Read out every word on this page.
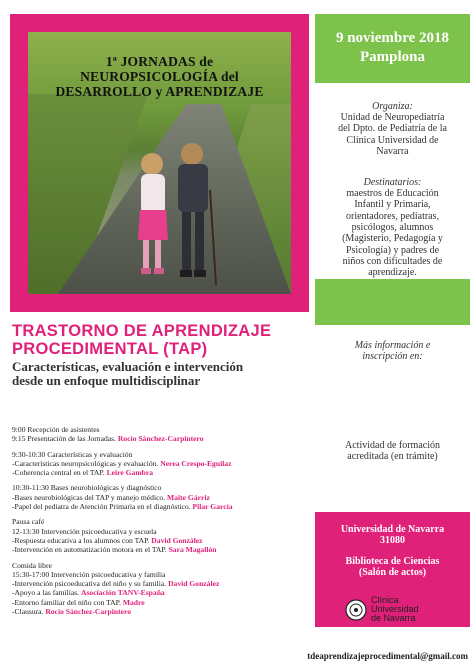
1ª JORNADAS de
NEUROPSICOLOGÍA del
DESARROLLO y APRENDIZAJE
9 noviembre 2018
Pamplona
Organiza:
Unidad de Neuropediatría
del Dpto. de Pediatría de la
Clínica Universidad de
Navarra
Destinatarios:
maestros de Educación
Infantil y Primaria,
orientadores, pediatras,
psicólogos, alumnos
(Magisterio, Pedagogía y
Psicología) y padres de
niños con dificultades de
aprendizaje.
Más información e
inscripción en:
www.
aprendizajeprocedimental.com
40 euros (profesionales)
20 euros (estudiantes)
Actividad de formación
acreditada (en trámite)
Universidad de Navarra
31080
Biblioteca de Ciencias
(Salón de actos)
Clínica
Universidad
de Navarra
TRASTORNO DE APRENDIZAJE
PROCEDIMENTAL (TAP)
Características, evaluación e intervención
desde un enfoque multidisciplinar
9:00 Recepción de asistentes
9:15 Presentación de las Jornadas. Rocío Sánchez-Carpintero
9:30-10:30 Características y evaluación
-Características neuropsicológicas y evaluación. Nerea Crespo-Eguilaz
-Coherencia central en el TAP. Leire Gambra
10:30-11:30 Bases neurobiológicas y diagnóstico
-Bases neurobiológicas del TAP y manejo médico. Maite Gárriz
-Papel del pediatra de Atención Primaria en el diagnóstico. Pilar García
Pausa café
12-13:30 Intervención psicoeducativa y escuela
-Respuesta educativa a los alumnos con TAP. David González
-Intervención en automatización motora en el TAP. Sara Magallón
Comida libre
15:30-17:00 Intervención psicoeducativa y familia
-Intervención psicoeducativa del niño y su familia. David González
-Apoyo a las familias. Asociación TANV-España
-Entorno familiar del niño con TAP. Madre
-Clausura. Rocío Sánchez-Carpintero
tdeaprendizajeprocedimental@gmail.com
